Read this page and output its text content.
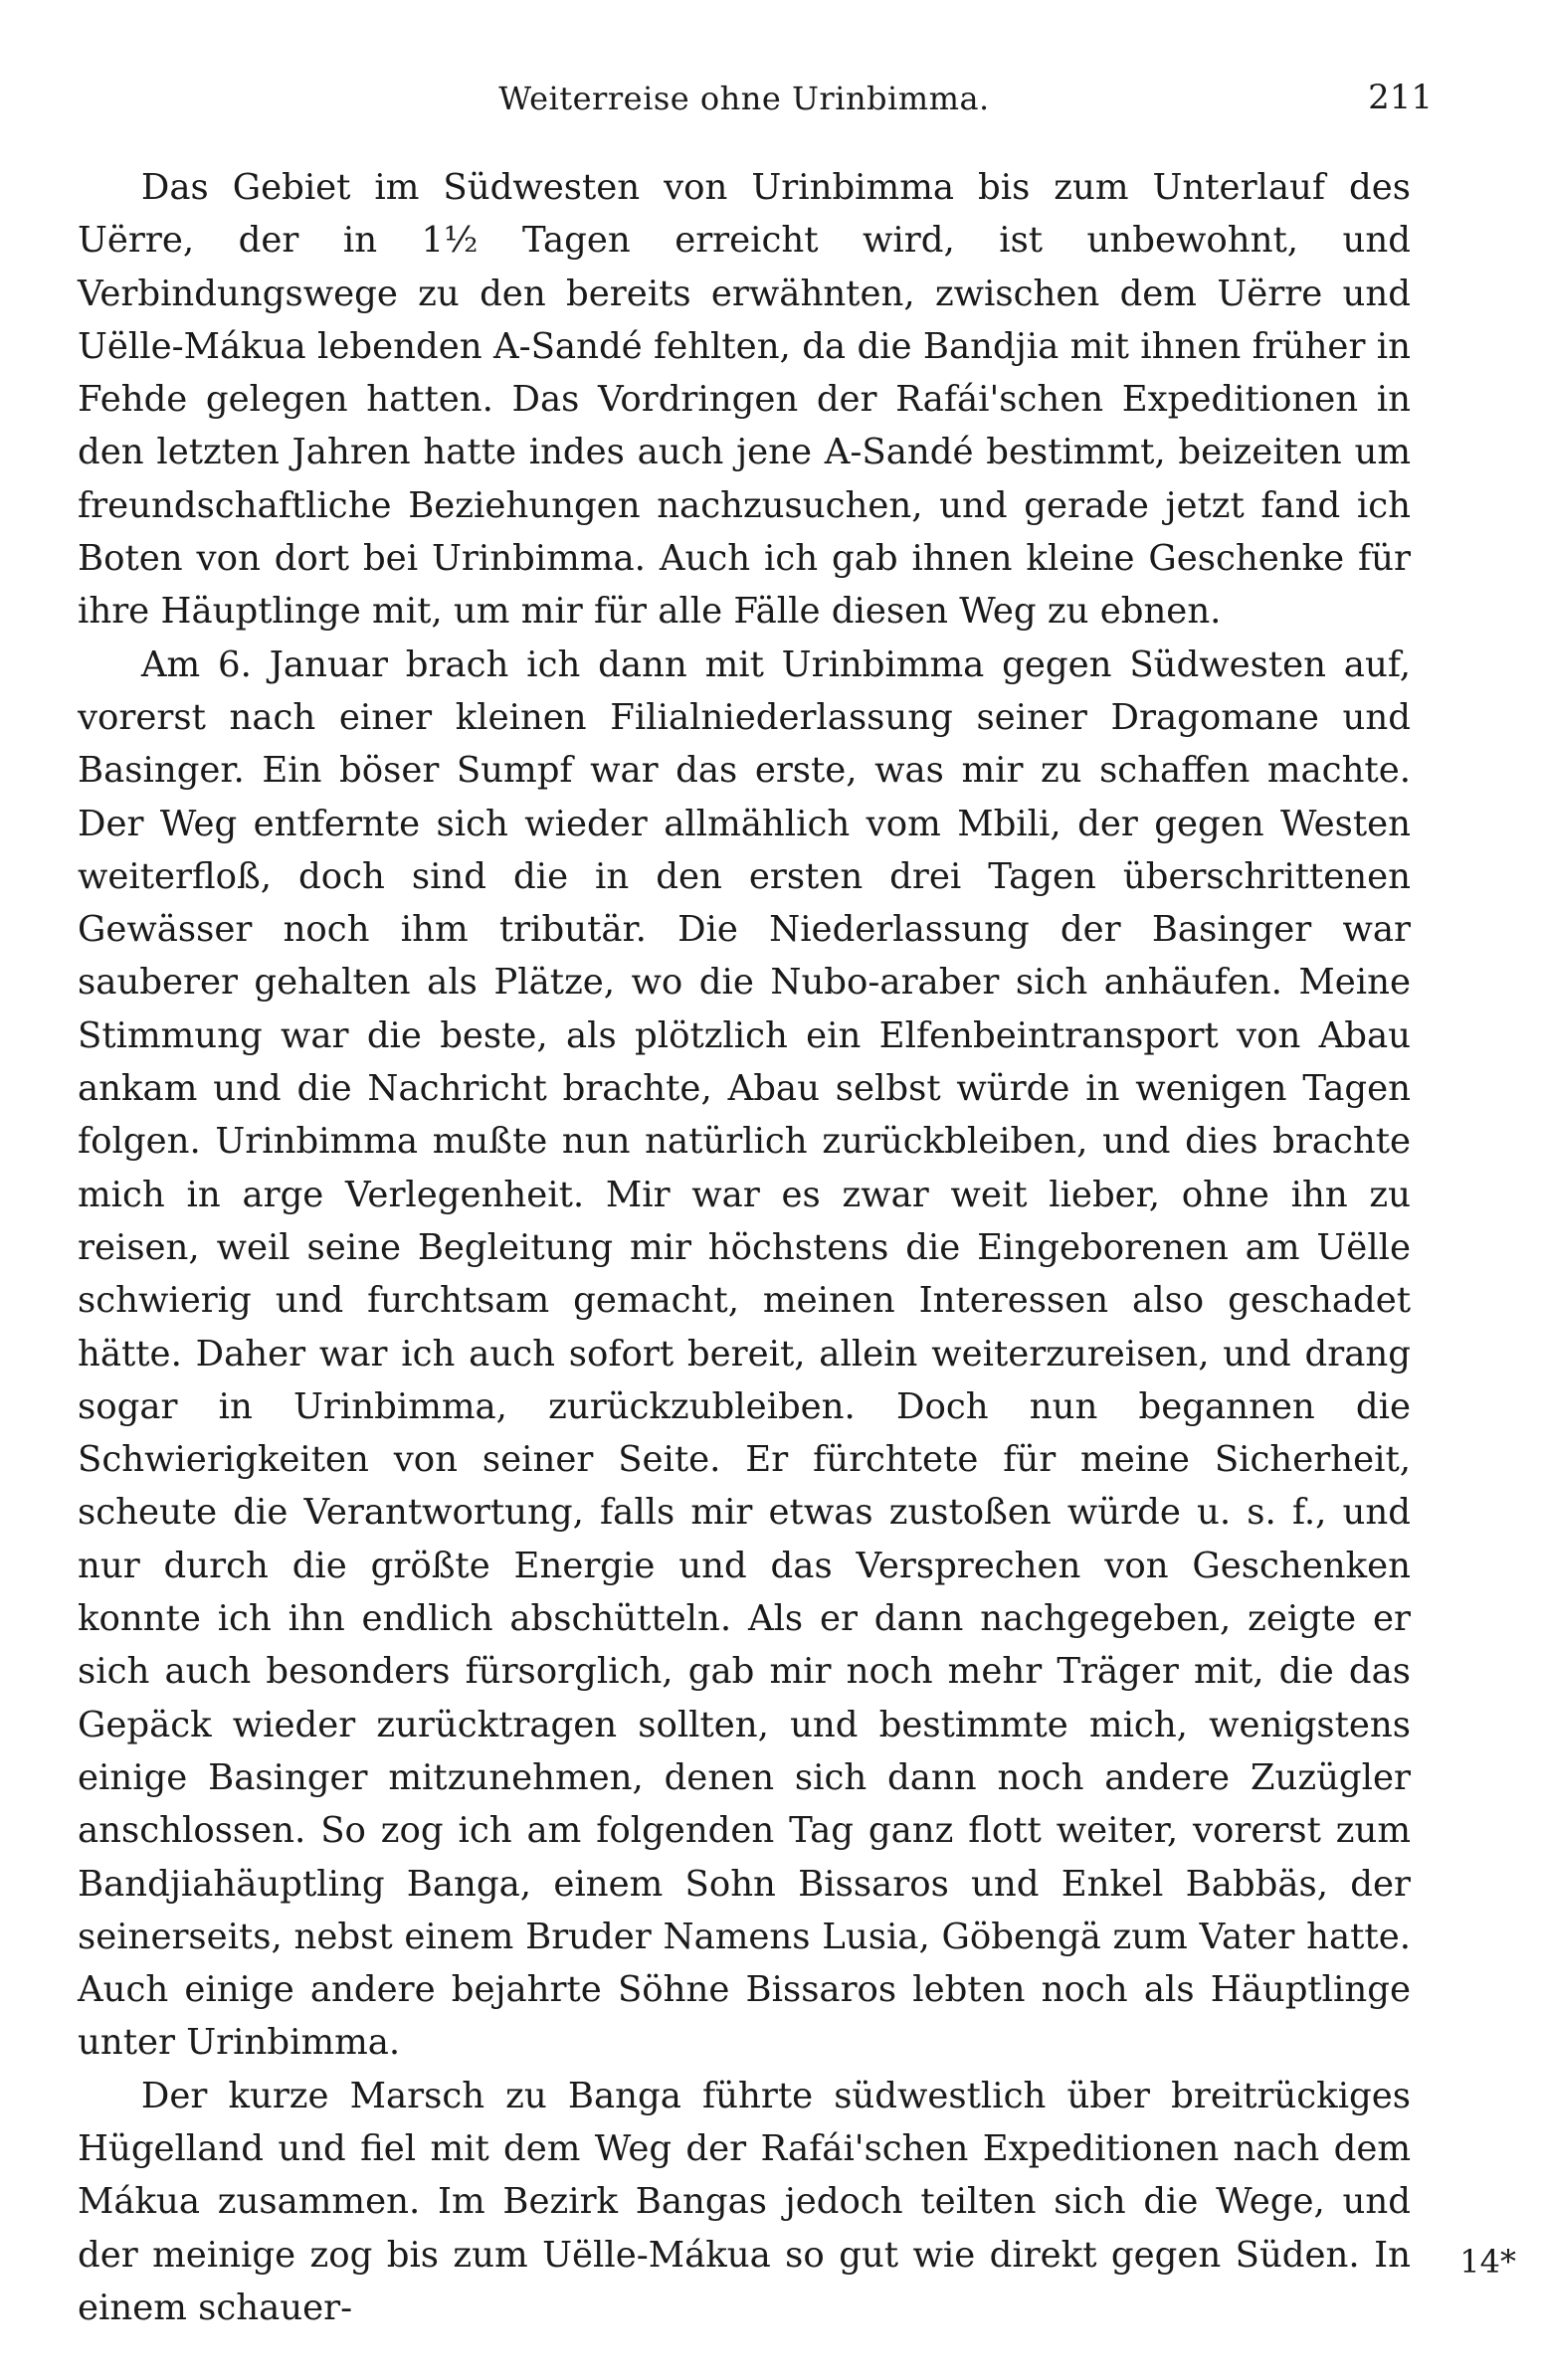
Weiterreise ohne Urinbimma.	211

Das Gebiet im Südwesten von Urinbimma bis zum Unterlauf des Uërre, der in 1½ Tagen erreicht wird, ist unbewohnt, und Verbindungswege zu den bereits erwähnten, zwischen dem Uërre und Uëlle-Mákua lebenden A-Sandé fehlten, da die Bandjia mit ihnen früher in Fehde gelegen hatten. Das Vordringen der Rafái'schen Expeditionen in den letzten Jahren hatte indes auch jene A-Sandé bestimmt, beizeiten um freundschaftliche Beziehungen nachzusuchen, und gerade jetzt fand ich Boten von dort bei Urinbimma. Auch ich gab ihnen kleine Geschenke für ihre Häuptlinge mit, um mir für alle Fälle diesen Weg zu ebnen.

Am 6. Januar brach ich dann mit Urinbimma gegen Südwesten auf, vorerst nach einer kleinen Filialniederlassung seiner Dragomane und Basinger. Ein böser Sumpf war das erste, was mir zu schaffen machte. Der Weg entfernte sich wieder allmählich vom Mbili, der gegen Westen weiterfloß, doch sind die in den ersten drei Tagen überschrittenen Gewässer noch ihm tributär. Die Niederlassung der Basinger war sauberer gehalten als Plätze, wo die Nubo-araber sich anhäufen. Meine Stimmung war die beste, als plötzlich ein Elfenbeintransport von Abau ankam und die Nachricht brachte, Abau selbst würde in wenigen Tagen folgen. Urinbimma mußte nun natürlich zurückbleiben, und dies brachte mich in arge Verlegenheit. Mir war es zwar weit lieber, ohne ihn zu reisen, weil seine Begleitung mir höchstens die Eingeborenen am Uëlle schwierig und furchtsam gemacht, meinen Interessen also geschadet hätte. Daher war ich auch sofort bereit, allein weiterzureisen, und drang sogar in Urinbimma, zurückzubleiben. Doch nun begannen die Schwierigkeiten von seiner Seite. Er fürchtete für meine Sicherheit, scheute die Verantwortung, falls mir etwas zustoßen würde u. s. f., und nur durch die größte Energie und das Versprechen von Geschenken konnte ich ihn endlich abschütteln. Als er dann nachgegeben, zeigte er sich auch besonders fürsorglich, gab mir noch mehr Träger mit, die das Gepäck wieder zurücktragen sollten, und bestimmte mich, wenigstens einige Basinger mitzunehmen, denen sich dann noch andere Zuzügler anschlossen. So zog ich am folgenden Tag ganz flott weiter, vorerst zum Bandjiahäuptling Banga, einem Sohn Bissaros und Enkel Babbäs, der seinerseits, nebst einem Bruder Namens Lusia, Göbengä zum Vater hatte. Auch einige andere bejahrte Söhne Bissaros lebten noch als Häuptlinge unter Urinbimma.

Der kurze Marsch zu Banga führte südwestlich über breitrückiges Hügelland und fiel mit dem Weg der Rafái'schen Expeditionen nach dem Mákua zusammen. Im Bezirk Bangas jedoch teilten sich die Wege, und der meinige zog bis zum Uëlle-Mákua so gut wie direkt gegen Süden. In einem schauer-

14*
